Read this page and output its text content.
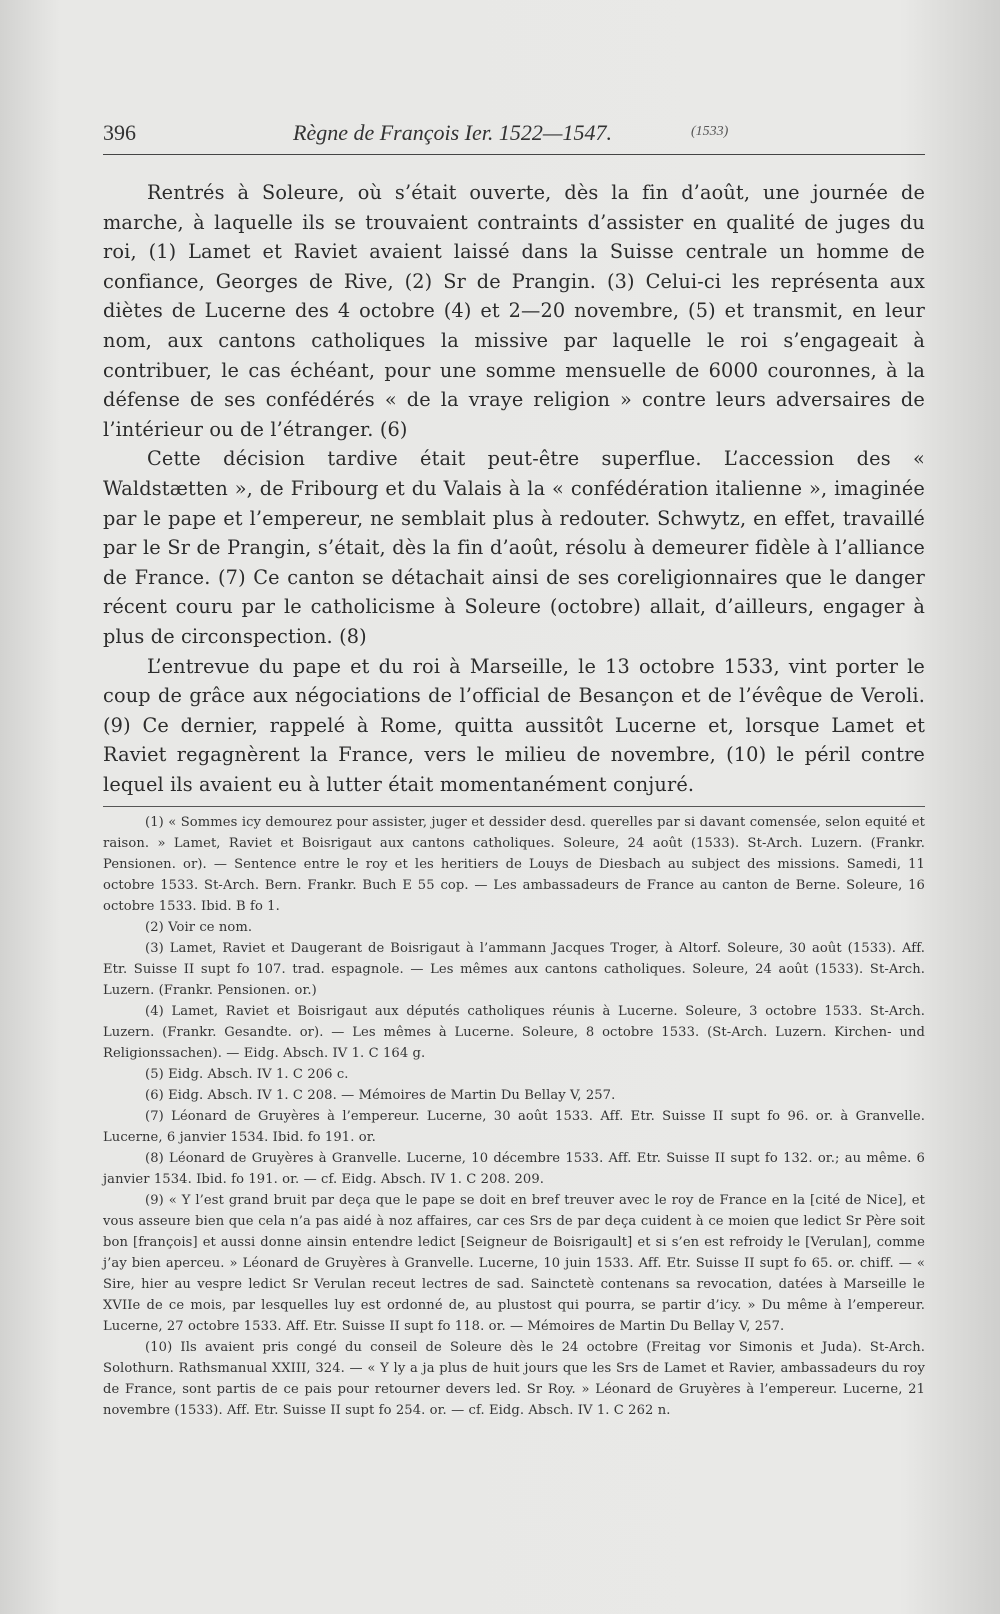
396	Règne de François Ier. 1522—1547.	(1533)

Rentrés à Soleure, où s’était ouverte, dès la fin d’août, une journée de marche, à laquelle ils se trouvaient contraints d’assister en qualité de juges du roi, (1) Lamet et Raviet avaient laissé dans la Suisse centrale un homme de confiance, Georges de Rive, (2) Sr de Prangin. (3) Celui-ci les représenta aux diètes de Lucerne des 4 octobre (4) et 2—20 novembre, (5) et transmit, en leur nom, aux cantons catholiques la missive par laquelle le roi s’engageait à contribuer, le cas échéant, pour une somme mensuelle de 6000 couronnes, à la défense de ses confédérés « de la vraye religion » contre leurs adversaires de l’intérieur ou de l’étranger. (6)

Cette décision tardive était peut-être superflue. L’accession des « Waldstætten », de Fribourg et du Valais à la « confédération italienne », imaginée par le pape et l’empereur, ne semblait plus à redouter. Schwytz, en effet, travaillé par le Sr de Prangin, s’était, dès la fin d’août, résolu à demeurer fidèle à l’alliance de France. (7) Ce canton se détachait ainsi de ses coreligionnaires que le danger récent couru par le catholicisme à Soleure (octobre) allait, d’ailleurs, engager à plus de circonspection. (8)

L’entrevue du pape et du roi à Marseille, le 13 octobre 1533, vint porter le coup de grâce aux négociations de l’official de Besançon et de l’évêque de Veroli. (9) Ce dernier, rappelé à Rome, quitta aussitôt Lucerne et, lorsque Lamet et Raviet regagnèrent la France, vers le milieu de novembre, (10) le péril contre lequel ils avaient eu à lutter était momentanément conjuré.

(1) « Sommes icy demourez pour assister, juger et dessider desd. querelles par si davant comensée, selon equité et raison. » Lamet, Raviet et Boisrigaut aux cantons catholiques. Soleure, 24 août (1533). St-Arch. Luzern. (Frankr. Pensionen. or). — Sentence entre le roy et les heritiers de Louys de Diesbach au subject des missions. Samedi, 11 octobre 1533. St-Arch. Bern. Frankr. Buch E 55 cop. — Les ambassadeurs de France au canton de Berne. Soleure, 16 octobre 1533. Ibid. B fo 1.

(2) Voir ce nom.

(3) Lamet, Raviet et Daugerant de Boisrigaut à l’ammann Jacques Troger, à Altorf. Soleure, 30 août (1533). Aff. Etr. Suisse II supt fo 107. trad. espagnole. — Les mêmes aux cantons catholiques. Soleure, 24 août (1533). St-Arch. Luzern. (Frankr. Pensionen. or.)

(4) Lamet, Raviet et Boisrigaut aux députés catholiques réunis à Lucerne. Soleure, 3 octobre 1533. St-Arch. Luzern. (Frankr. Gesandte. or). — Les mêmes à Lucerne. Soleure, 8 octobre 1533. (St-Arch. Luzern. Kirchen- und Religionssachen). — Eidg. Absch. IV 1. C 164 g.

(5) Eidg. Absch. IV 1. C 206 c.

(6) Eidg. Absch. IV 1. C 208. — Mémoires de Martin Du Bellay V, 257.

(7) Léonard de Gruyères à l’empereur. Lucerne, 30 août 1533. Aff. Etr. Suisse II supt fo 96. or. à Granvelle. Lucerne, 6 janvier 1534. Ibid. fo 191. or.

(8) Léonard de Gruyères à Granvelle. Lucerne, 10 décembre 1533. Aff. Etr. Suisse II supt fo 132. or.; au même. 6 janvier 1534. Ibid. fo 191. or. — cf. Eidg. Absch. IV 1. C 208. 209.

(9) « Y l’est grand bruit par deça que le pape se doit en bref treuver avec le roy de France en la [cité de Nice], et vous asseure bien que cela n’a pas aidé à noz affaires, car ces Srs de par deça cuident à ce moien que ledict Sr Père soit bon [françois] et aussi donne ainsin entendre ledict [Seigneur de Boisrigault] et si s’en est refroidy le [Verulan], comme j’ay bien aperceu. » Léonard de Gruyères à Granvelle. Lucerne, 10 juin 1533. Aff. Etr. Suisse II supt fo 65. or. chiff. — « Sire, hier au vespre ledict Sr Verulan receut lectres de sad. Sainctetè contenans sa revocation, datées à Marseille le XVIIe de ce mois, par lesquelles luy est ordonné de, au plustost qui pourra, se partir d’icy. » Du même à l’empereur. Lucerne, 27 octobre 1533. Aff. Etr. Suisse II supt fo 118. or. — Mémoires de Martin Du Bellay V, 257.

(10) Ils avaient pris congé du conseil de Soleure dès le 24 octobre (Freitag vor Simonis et Juda). St-Arch. Solothurn. Rathsmanual XXIII, 324. — « Y ly a ja plus de huit jours que les Srs de Lamet et Ravier, ambassadeurs du roy de France, sont partis de ce pais pour retourner devers led. Sr Roy. » Léonard de Gruyères à l’empereur. Lucerne, 21 novembre (1533). Aff. Etr. Suisse II supt fo 254. or. — cf. Eidg. Absch. IV 1. C 262 n.
